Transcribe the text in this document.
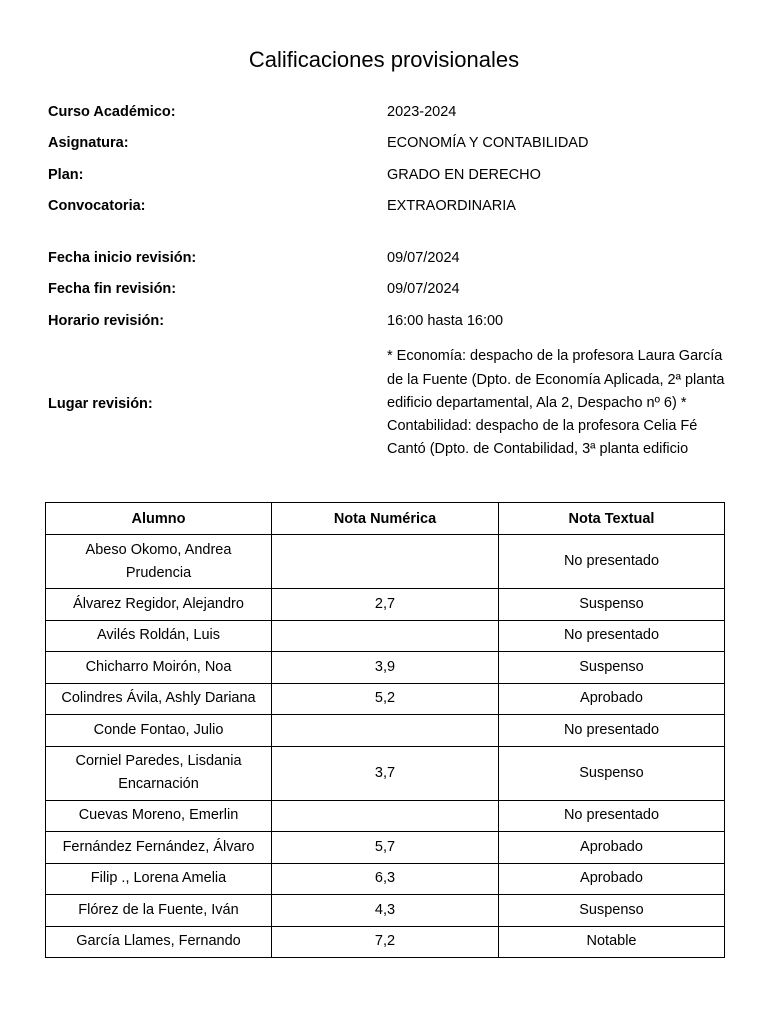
Calificaciones provisionales
Curso Académico:	2023-2024
Asignatura:	ECONOMÍA Y CONTABILIDAD
Plan:	GRADO EN DERECHO
Convocatoria:	EXTRAORDINARIA
Fecha inicio revisión:	09/07/2024
Fecha fin revisión:	09/07/2024
Horario revisión:	16:00 hasta 16:00
Lugar revisión:
* Economía: despacho de la profesora Laura García de la Fuente (Dpto. de Economía Aplicada, 2ª planta edificio departamental, Ala 2, Despacho nº 6) * Contabilidad: despacho de la profesora Celia Fé Cantó (Dpto. de Contabilidad, 3ª planta edificio
Alumno	Nota Numérica	Nota Textual
Abeso Okomo, Andrea Prudencia		No presentado
Álvarez Regidor, Alejandro	2,7	Suspenso
Avilés Roldán, Luis		No presentado
Chicharro Moirón, Noa	3,9	Suspenso
Colindres Ávila, Ashly Dariana	5,2	Aprobado
Conde Fontao, Julio		No presentado
Corniel Paredes, Lisdania Encarnación	3,7	Suspenso
Cuevas Moreno, Emerlin		No presentado
Fernández Fernández, Álvaro	5,7	Aprobado
Filip ., Lorena Amelia	6,3	Aprobado
Flórez de la Fuente, Iván	4,3	Suspenso
García Llames, Fernando	7,2	Notable
